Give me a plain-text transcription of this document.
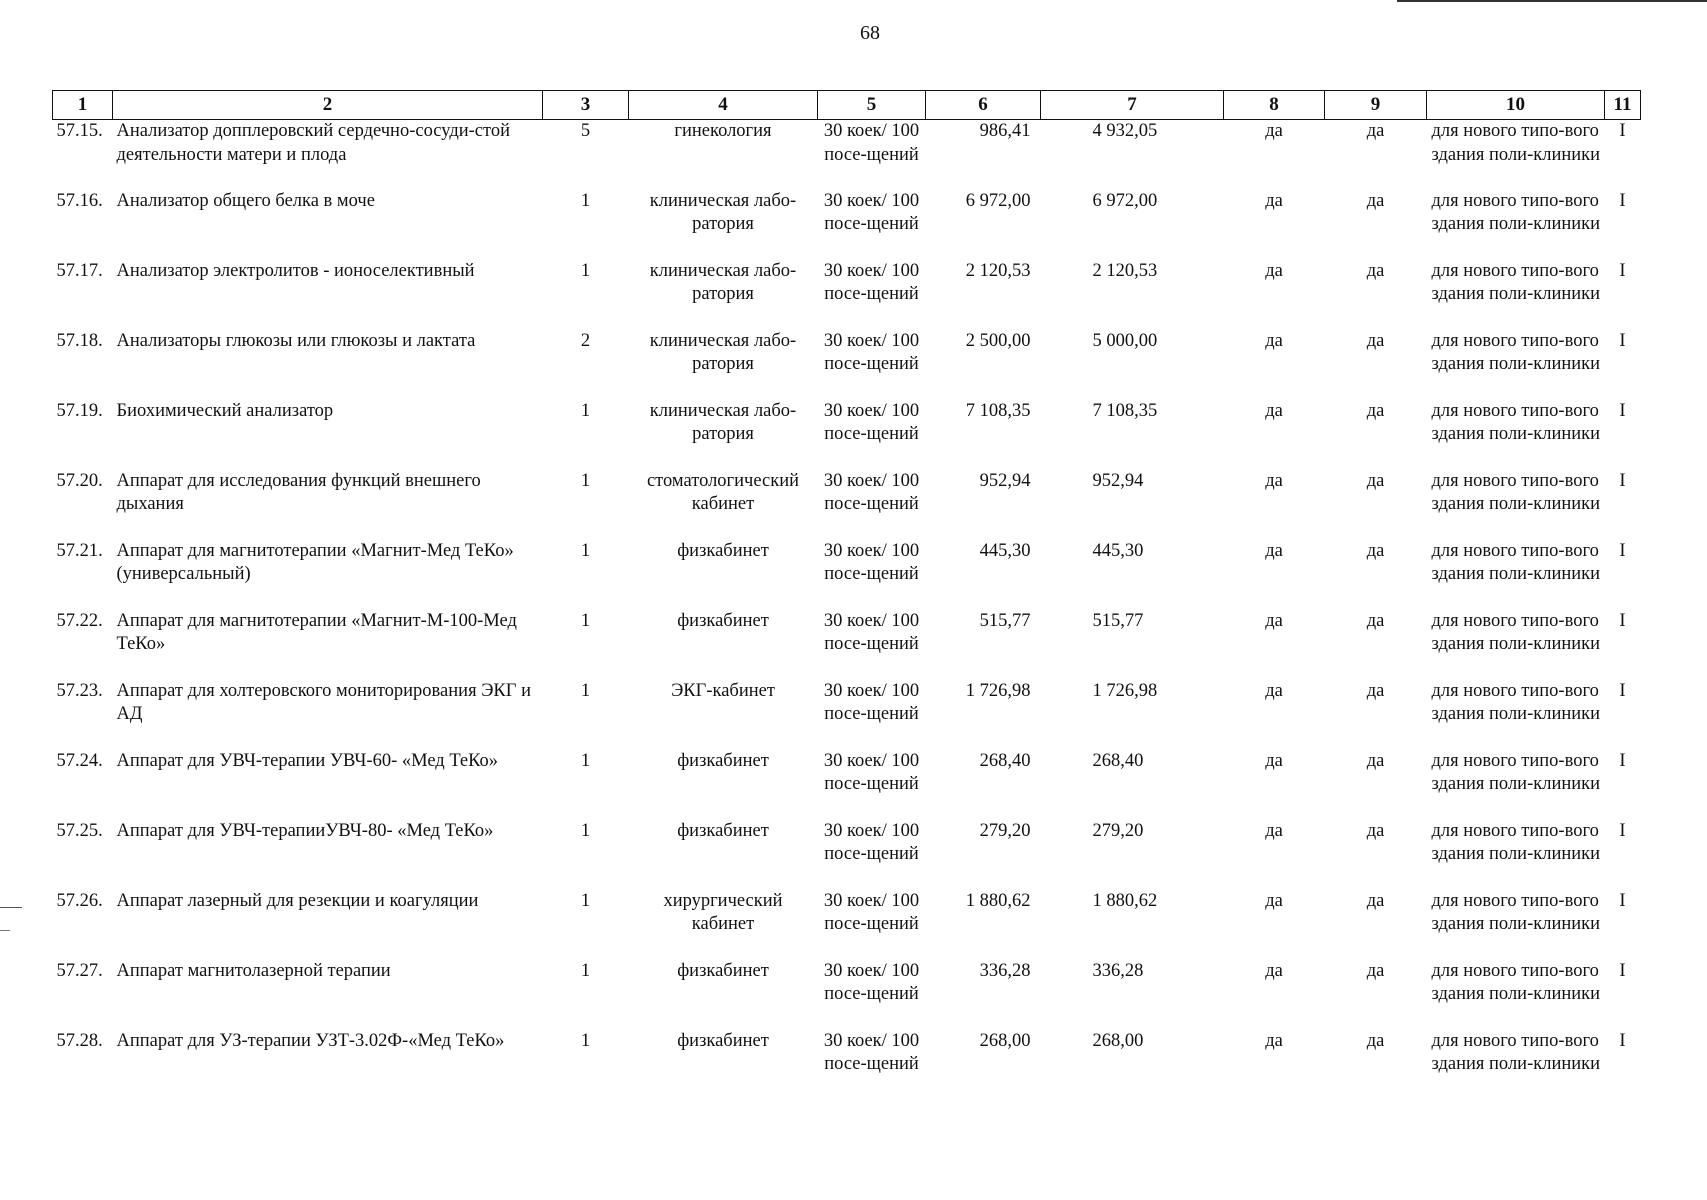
68
1	2	3	4	5	6	7	8	9	10	11
57.15.	Анализатор допплеровский сердечно-сосуди-стой деятельности матери и плода	5	гинекология	30 коек/ 100 посе-щений	986,41	4 932,05	да	да	для нового типо-вого здания поли-клиники	I
57.16.	Анализатор общего белка в моче	1	клиническая лабо-ратория	30 коек/ 100 посе-щений	6 972,00	6 972,00	да	да	для нового типо-вого здания поли-клиники	I
57.17.	Анализатор электролитов - ионоселективный	1	клиническая лабо-ратория	30 коек/ 100 посе-щений	2 120,53	2 120,53	да	да	для нового типо-вого здания поли-клиники	I
57.18.	Анализаторы глюкозы или глюкозы и лактата	2	клиническая лабо-ратория	30 коек/ 100 посе-щений	2 500,00	5 000,00	да	да	для нового типо-вого здания поли-клиники	I
57.19.	Биохимический анализатор	1	клиническая лабо-ратория	30 коек/ 100 посе-щений	7 108,35	7 108,35	да	да	для нового типо-вого здания поли-клиники	I
57.20.	Аппарат для исследования функций внешнего дыхания	1	стоматологический кабинет	30 коек/ 100 посе-щений	952,94	952,94	да	да	для нового типо-вого здания поли-клиники	I
57.21.	Аппарат для магнитотерапии «Магнит-Мед ТеКо» (универсальный)	1	физкабинет	30 коек/ 100 посе-щений	445,30	445,30	да	да	для нового типо-вого здания поли-клиники	I
57.22.	Аппарат для магнитотерапии «Магнит-М-100-Мед ТеКо»	1	физкабинет	30 коек/ 100 посе-щений	515,77	515,77	да	да	для нового типо-вого здания поли-клиники	I
57.23.	Аппарат для холтеровского мониторирования ЭКГ и АД	1	ЭКГ-кабинет	30 коек/ 100 посе-щений	1 726,98	1 726,98	да	да	для нового типо-вого здания поли-клиники	I
57.24.	Аппарат для УВЧ-терапии УВЧ-60- «Мед ТеКо»	1	физкабинет	30 коек/ 100 посе-щений	268,40	268,40	да	да	для нового типо-вого здания поли-клиники	I
57.25.	Аппарат для УВЧ-терапииУВЧ-80- «Мед ТеКо»	1	физкабинет	30 коек/ 100 посе-щений	279,20	279,20	да	да	для нового типо-вого здания поли-клиники	I
57.26.	Аппарат лазерный для резекции и коагуляции	1	хирургический кабинет	30 коек/ 100 посе-щений	1 880,62	1 880,62	да	да	для нового типо-вого здания поли-клиники	I
57.27.	Аппарат магнитолазерной терапии	1	физкабинет	30 коек/ 100 посе-щений	336,28	336,28	да	да	для нового типо-вого здания поли-клиники	I
57.28.	Аппарат для УЗ-терапии УЗТ-3.02Ф-«Мед ТеКо»	1	физкабинет	30 коек/ 100 посе-щений	268,00	268,00	да	да	для нового типо-вого здания поли-клиники	I
